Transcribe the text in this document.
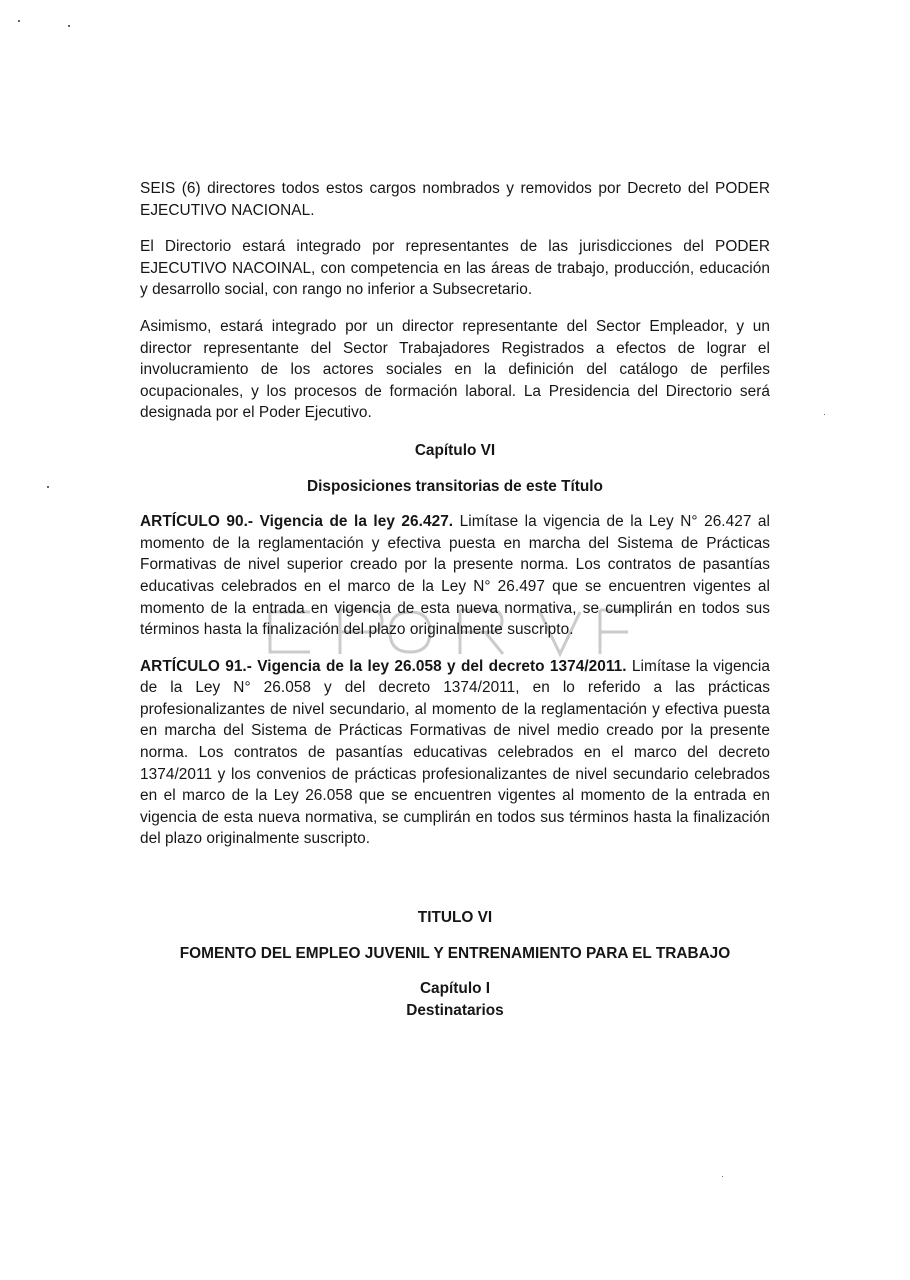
SEIS (6) directores todos estos cargos nombrados y removidos por Decreto del PODER EJECUTIVO NACIONAL.

El Directorio estará integrado por representantes de las jurisdicciones del PODER EJECUTIVO NACOINAL, con competencia en las áreas de trabajo, producción, educación y desarrollo social, con rango no inferior a Subsecretario.

Asimismo, estará integrado por un director representante del Sector Empleador, y un director representante del Sector Trabajadores Registrados a efectos de lograr el involucramiento de los actores sociales en la definición del catálogo de perfiles ocupacionales, y los procesos de formación laboral. La Presidencia del Directorio será designada por el Poder Ejecutivo.

Capítulo VI
Disposiciones transitorias de este Título

ARTÍCULO 90.- Vigencia de la ley 26.427. Limítase la vigencia de la Ley N° 26.427 al momento de la reglamentación y efectiva puesta en marcha del Sistema de Prácticas Formativas de nivel superior creado por la presente norma. Los contratos de pasantías educativas celebrados en el marco de la Ley N° 26.497 que se encuentren vigentes al momento de la entrada en vigencia de esta nueva normativa, se cumplirán en todos sus términos hasta la finalización del plazo originalmente suscripto.

ARTÍCULO 91.- Vigencia de la ley 26.058 y del decreto 1374/2011. Limítase la vigencia de la Ley N° 26.058 y del decreto 1374/2011, en lo referido a las prácticas profesionalizantes de nivel secundario, al momento de la reglamentación y efectiva puesta en marcha del Sistema de Prácticas Formativas de nivel medio creado por la presente norma. Los contratos de pasantías educativas celebrados en el marco del decreto 1374/2011 y los convenios de prácticas profesionalizantes de nivel secundario celebrados en el marco de la Ley 26.058 que se encuentren vigentes al momento de la entrada en vigencia de esta nueva normativa, se cumplirán en todos sus términos hasta la finalización del plazo originalmente suscripto.

TITULO VI
FOMENTO DEL EMPLEO JUVENIL Y ENTRENAMIENTO PARA EL TRABAJO
Capítulo I
Destinatarios
